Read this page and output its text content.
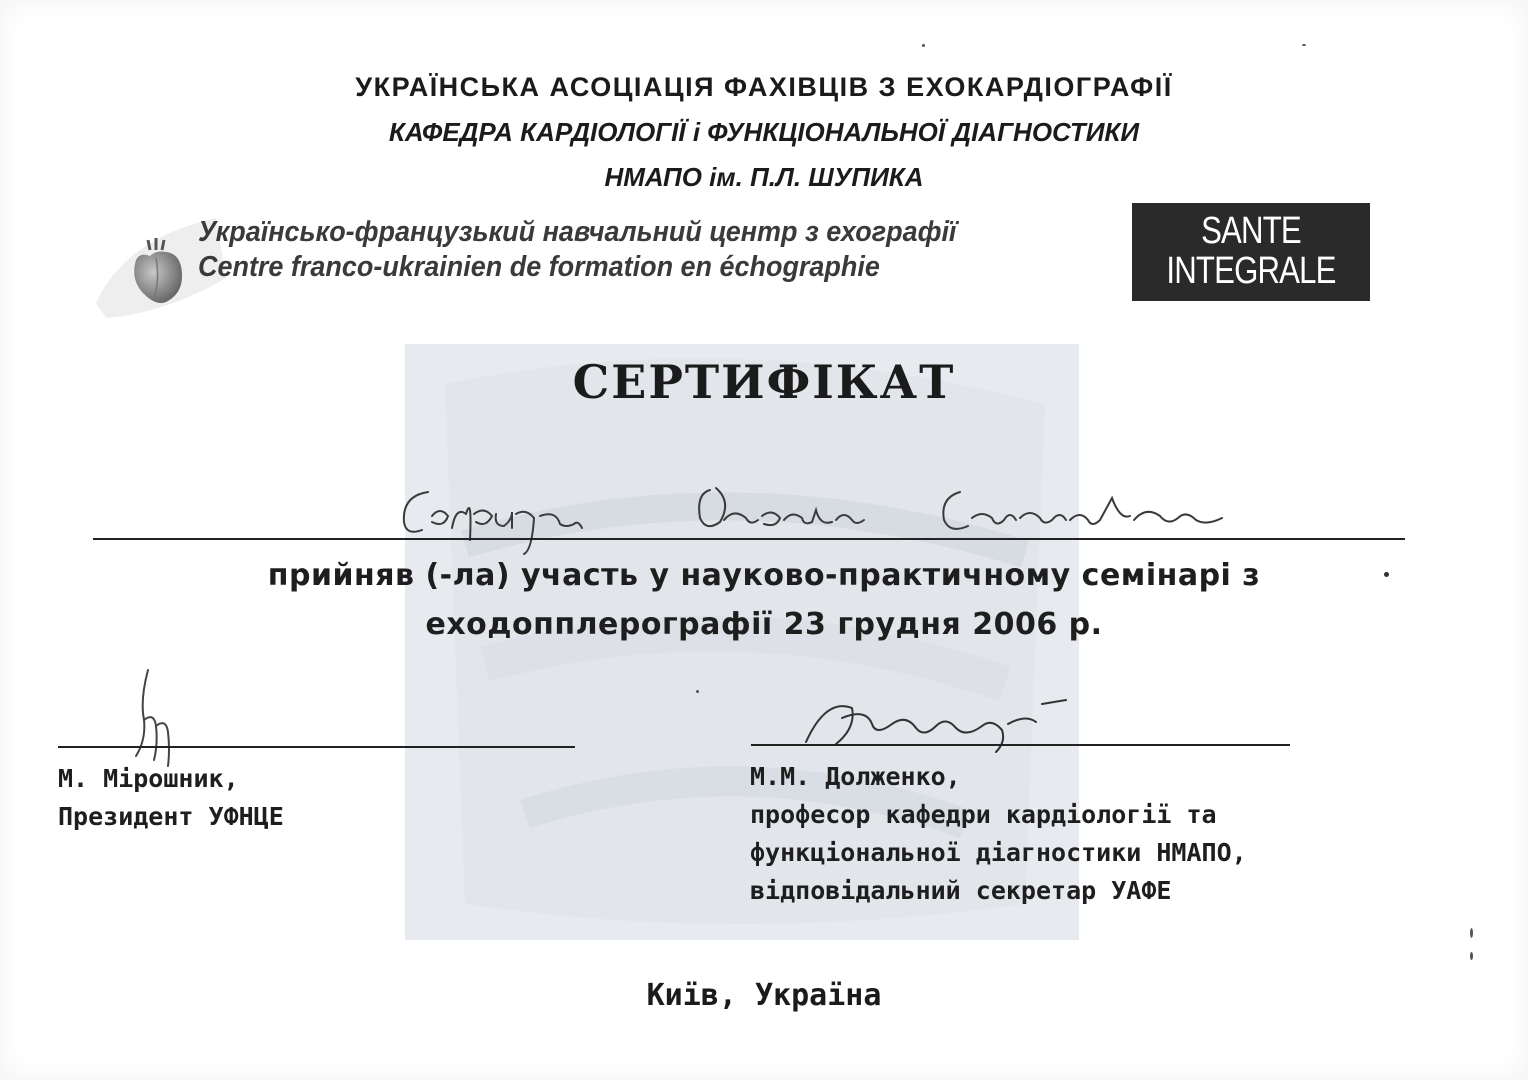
УКРАЇНСЬКА АСОЦІАЦІЯ ФАХІВЦІВ З ЕХОКАРДІОГРАФІЇ
КАФЕДРА КАРДІОЛОГІЇ і ФУНКЦІОНАЛЬНОЇ ДІАГНОСТИКИ
НМАПО ім. П.Л. ШУПИКА
Українсько-французький навчальний центр з ехографії
Centre franco-ukrainien de formation en échographie
SANTE
INTEGRALE
СЕРТИФІКАТ
прийняв (-ла) участь у науково-практичному семінарі з
еходопплерографії 23 грудня 2006 р.
М. Мірошник,
Президент УФНЦЕ
М.М. Долженко,
професор кафедри кардіології та
функціональної діагностики НМАПО,
відповідальний секретар УАФЕ
Київ, Україна
